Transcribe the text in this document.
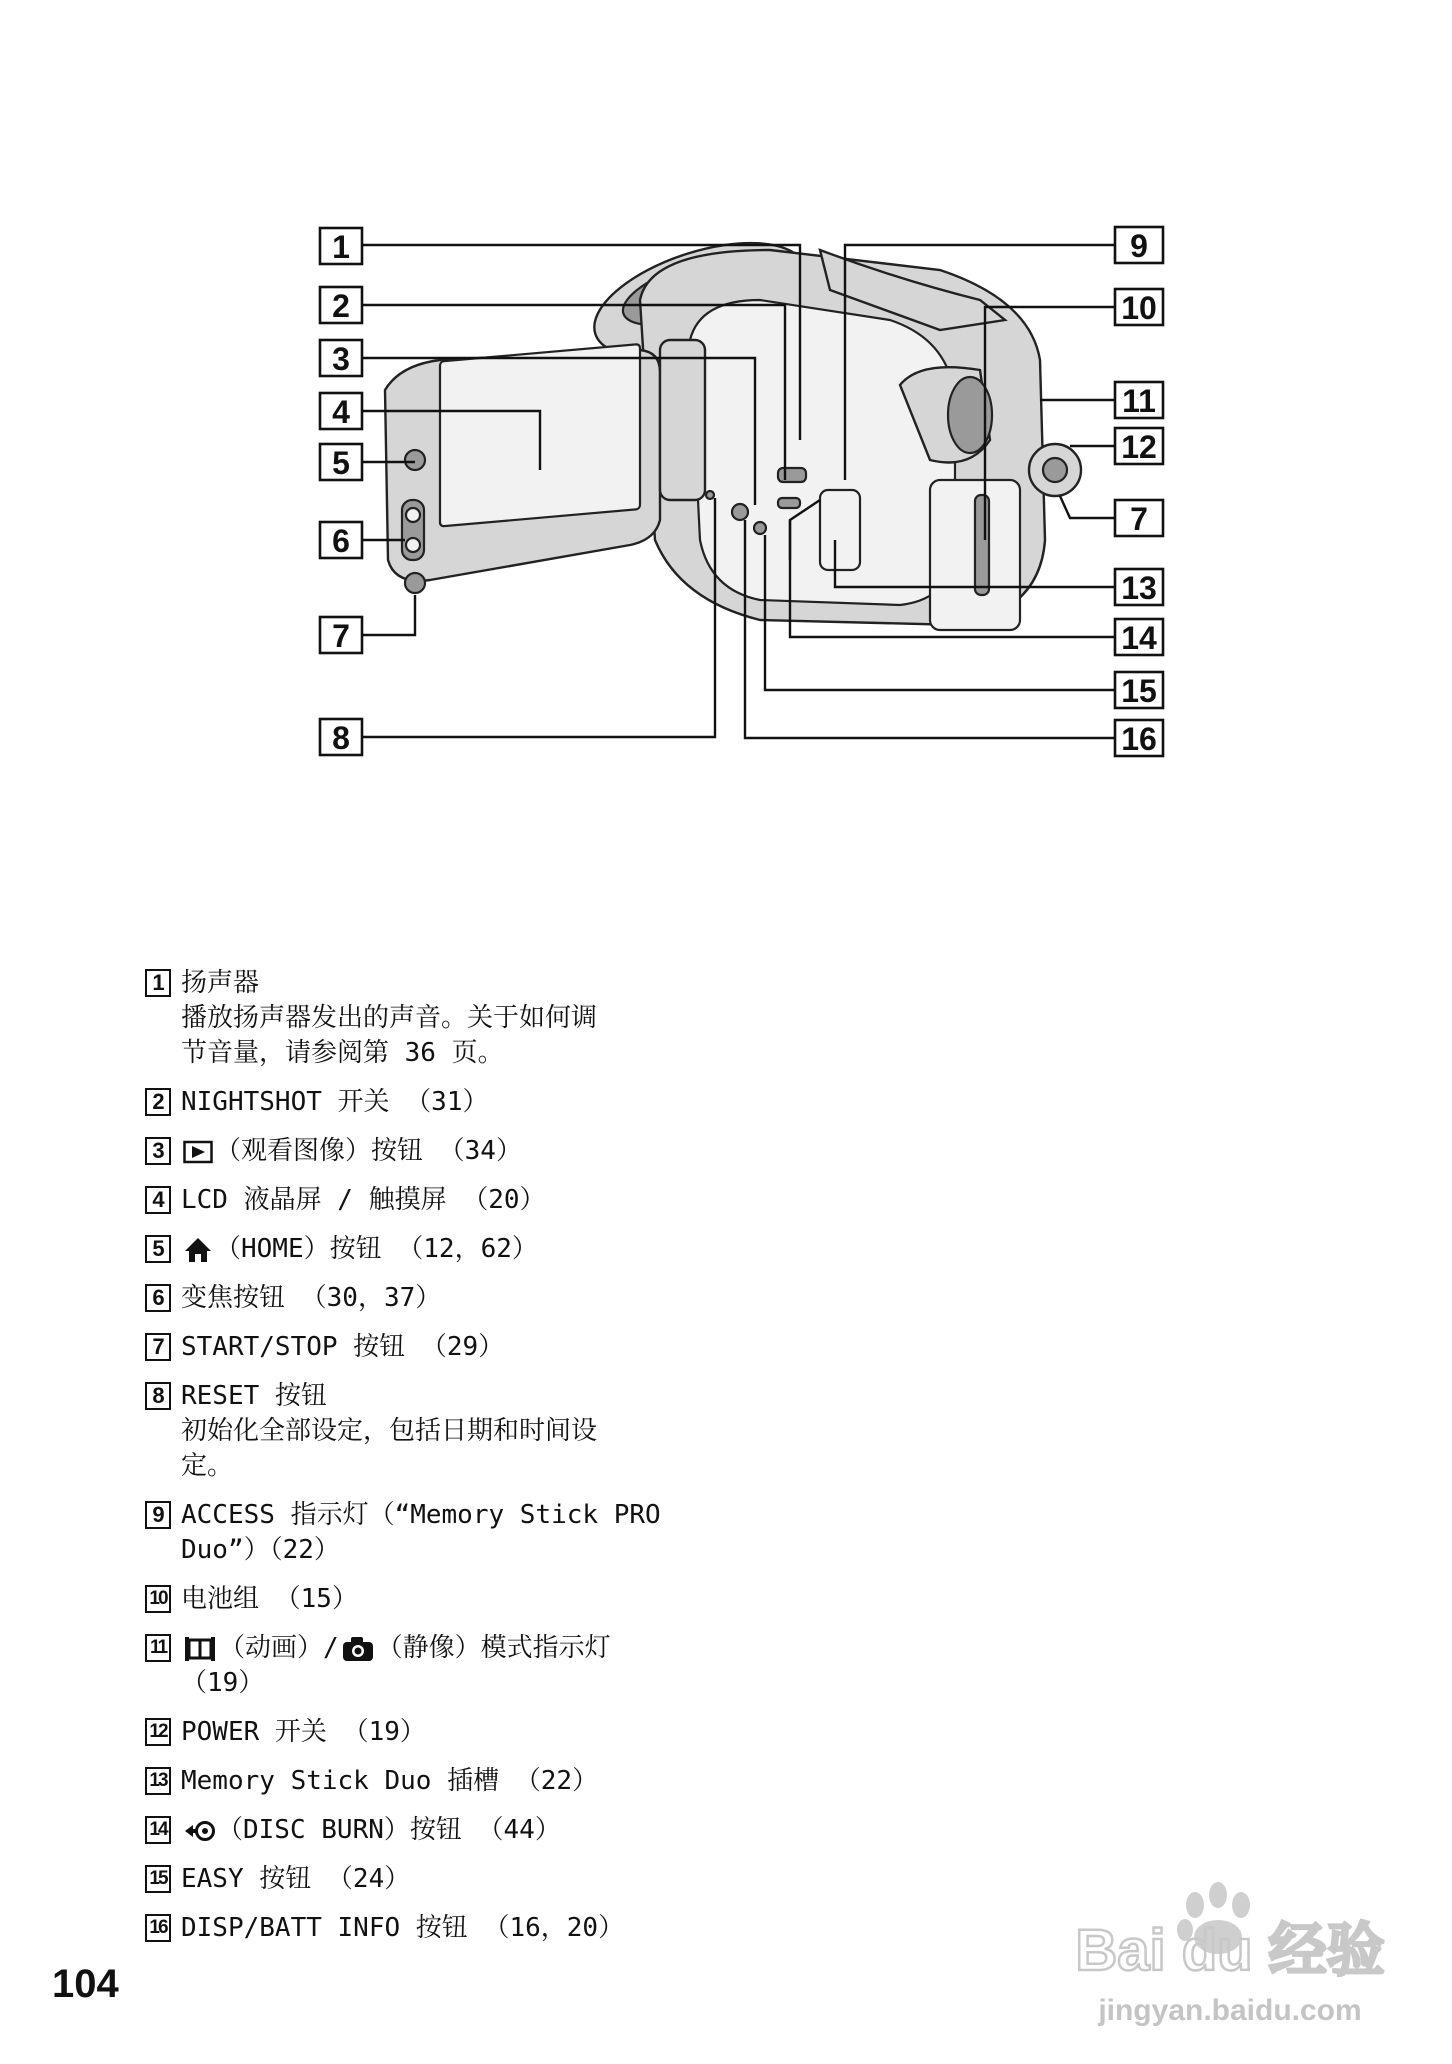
1
2
3
4
5
6
7
8
9
10
11
12
7
13
14
15
16
1 扬声器
播放扬声器发出的声音。关于如何调
节音量，请参阅第 36 页。
2 NIGHTSHOT 开关 （31）
3	（观看图像）按钮 （34）
4 LCD 液晶屏 / 触摸屏 （20）
5	（HOME）按钮 （12，62）
6 变焦按钮 （30，37）
7 START/STOP 按钮 （29）
8 RESET 按钮
初始化全部设定，包括日期和时间设
定。
9 ACCESS 指示灯（“Memory Stick PRO
Duo”）（22）
10 电池组 （15）
11	（动画）/ （静像）模式指示灯
（19）
12 POWER 开关 （19）
13 Memory Stick Duo 插槽 （22）
14	（DISC BURN）按钮 （44）
15 EASY 按钮 （24）
16 DISP/BATT INFO 按钮 （16，20）
104
Bai du 经验
jingyan.baidu.com
